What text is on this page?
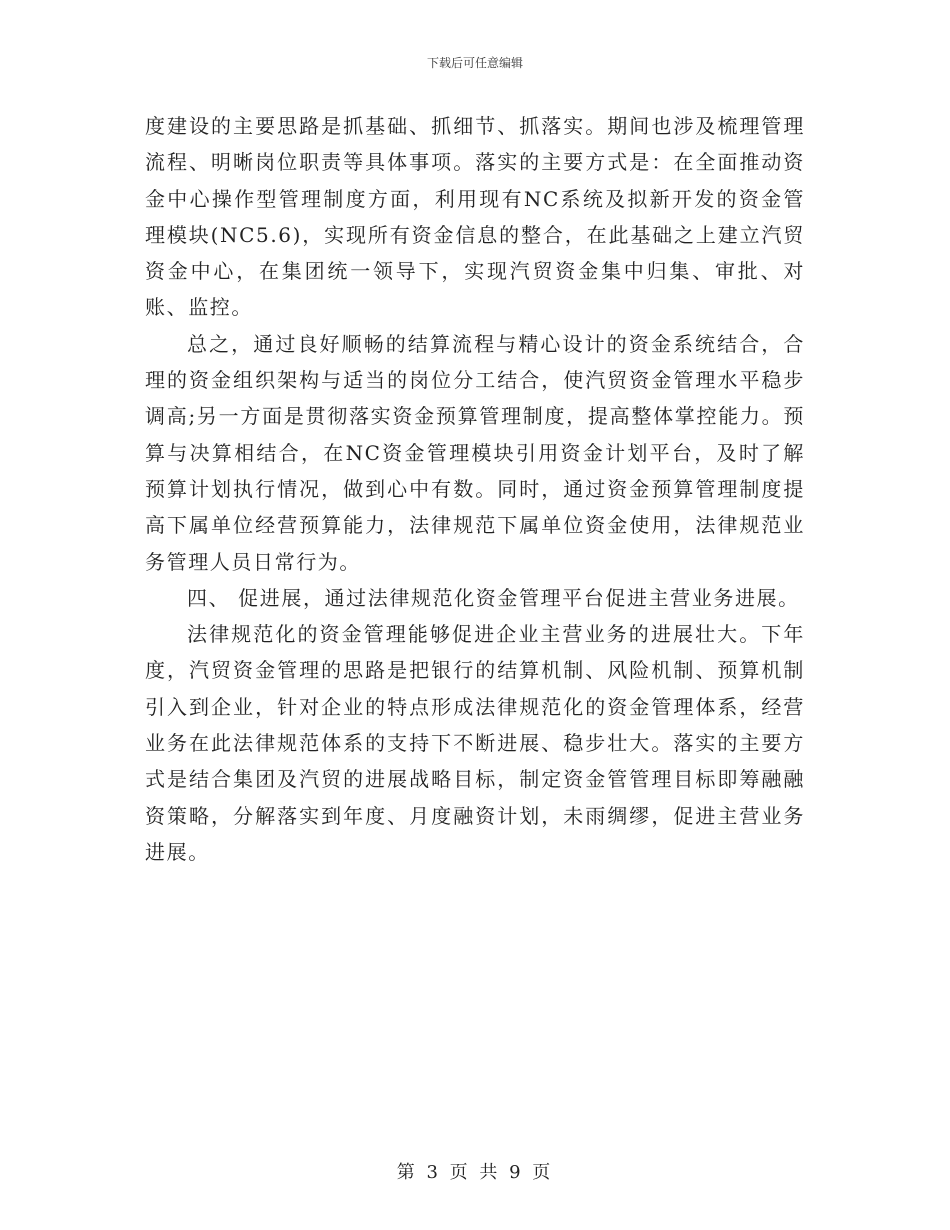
下载后可任意编辑

度建设的主要思路是抓基础、抓细节、抓落实。期间也涉及梳理管理流程、明晰岗位职责等具体事项。落实的主要方式是：在全面推动资金中心操作型管理制度方面，利用现有NC系统及拟新开发的资金管理模块(NC5.6)，实现所有资金信息的整合，在此基础之上建立汽贸资金中心，在集团统一领导下，实现汽贸资金集中归集、审批、对账、监控。

总之，通过良好顺畅的结算流程与精心设计的资金系统结合，合理的资金组织架构与适当的岗位分工结合，使汽贸资金管理水平稳步调高;另一方面是贯彻落实资金预算管理制度，提高整体掌控能力。预算与决算相结合，在NC资金管理模块引用资金计划平台，及时了解预算计划执行情况，做到心中有数。同时，通过资金预算管理制度提高下属单位经营预算能力，法律规范下属单位资金使用，法律规范业务管理人员日常行为。

四、 促进展，通过法律规范化资金管理平台促进主营业务进展。

法律规范化的资金管理能够促进企业主营业务的进展壮大。下年度，汽贸资金管理的思路是把银行的结算机制、风险机制、预算机制引入到企业，针对企业的特点形成法律规范化的资金管理体系，经营业务在此法律规范体系的支持下不断进展、稳步壮大。落实的主要方式是结合集团及汽贸的进展战略目标，制定资金管管理目标即筹融融资策略，分解落实到年度、月度融资计划，未雨绸缪，促进主营业务进展。

第 3 页 共 9 页
